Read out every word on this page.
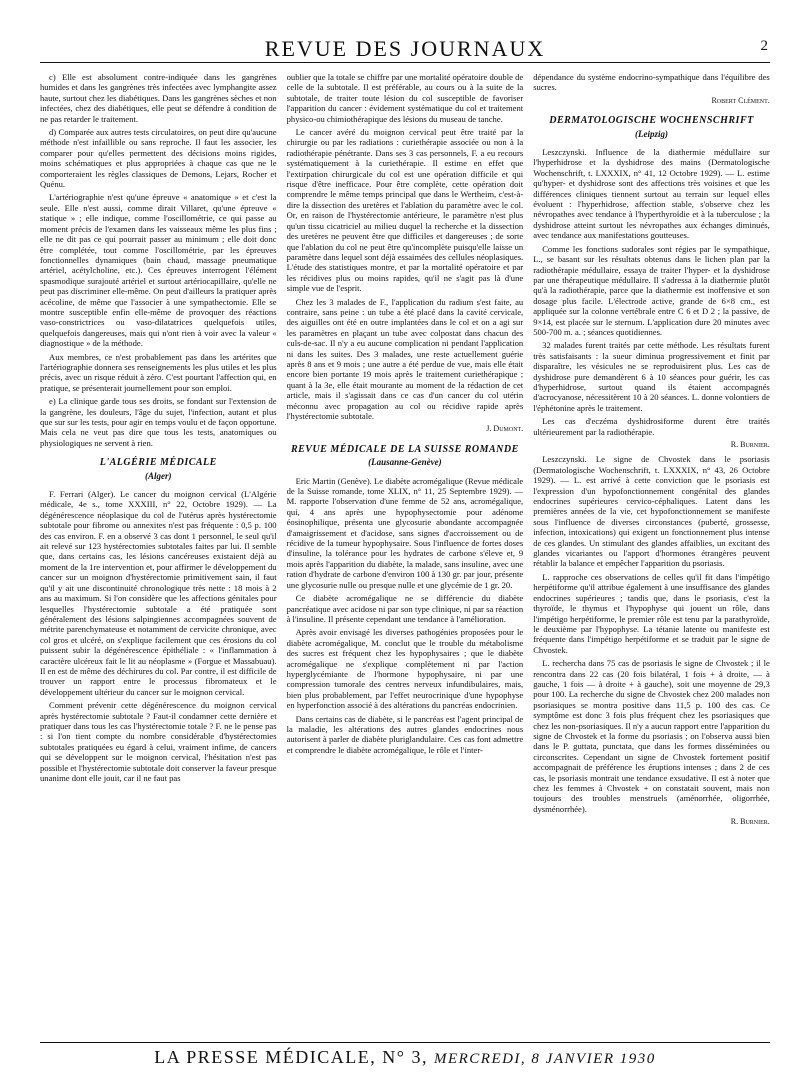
REVUE DES JOURNAUX	2

c) Elle est absolument contre-indiquée dans les gangrènes humides et dans les gangrènes très infectées avec lymphangite assez haute, surtout chez les diabétiques. Dans les gangrènes sèches et non infectées, chez des diabétiques, elle peut se défendre à condition de ne pas retarder le traitement.

d) Comparée aux autres tests circulatoires, on peut dire qu'aucune méthode n'est infaillible ou sans reproche. Il faut les associer, les comparer pour qu'elles permettent des décisions moins rigides, moins schématiques et plus appropriées à chaque cas que ne le comporteraient les règles classiques de Demons, Lejars, Rocher et Quénu.

L'artériographie n'est qu'une épreuve « anatomique » et c'est la seule. Elle n'est aussi, comme dirait Villaret, qu'une épreuve « statique » ; elle indique, comme l'oscillométrie, ce qui passe au moment précis de l'examen dans les vaisseaux même les plus fins ; elle ne dit pas ce qui pourrait passer au minimum ; elle doit donc être complétée, tout comme l'oscillométrie, par les épreuves fonctionnelles dynamiques (bain chaud, massage pneumatique artériel, acétylcholine, etc.). Ces épreuves interrogent l'élément spasmodique surajouté artériel et surtout artériocapillaire, qu'elle ne peut pas discriminer elle-même. On peut d'ailleurs la pratiquer après acécoline, de même que l'associer à une sympathectomie. Elle se montre susceptible enfin elle-même de provoquer des réactions vaso-constrictrices ou vaso-dilatatrices quelquefois utiles, quelquefois dangereuses, mais qui n'ont rien à voir avec la valeur « diagnostique » de la méthode.

Aux membres, ce n'est probablement pas dans les artérites que l'artériographie donnera ses renseignements les plus utiles et les plus précis, avec un risque réduit à zéro. C'est pourtant l'affection qui, en pratique, se présenterait journellement pour son emploi.

e) La clinique garde tous ses droits, se fondant sur l'extension de la gangrène, les douleurs, l'âge du sujet, l'infection, autant et plus que sur sur les tests, pour agir en temps voulu et de façon opportune. Mais cela ne veut pas dire que tous les tests, anatomiques ou physiologiques ne servent à rien.

L'ALGÉRIE MÉDICALE
(Alger)

F. Ferrari (Alger). Le cancer du moignon cervical (L'Algérie médicale, 4e s., tome XXXIII, n° 22, Octobre 1929). — La dégénérescence néoplasique du col de l'utérus après hystérectomie subtotale pour fibrome ou annexites n'est pas fréquente : 0,5 p. 100 des cas environ. F. en a observé 3 cas dont 1 personnel, le seul qu'il ait relevé sur 123 hystérectomies subtotales faites par lui. Il semble que, dans certains cas, les lésions cancéreuses existaient déjà au moment de la 1re intervention et, pour affirmer le développement du cancer sur un moignon d'hystérectomie primitivement sain, il faut qu'il y ait une discontinuité chronologique très nette : 18 mois à 2 ans au maximum. Si l'on considère que les affections génitales pour lesquelles l'hystérectomie subtotale a été pratiquée sont généralement des lésions salpingiennes accompagnées souvent de métrite parenchymateuse et notamment de cervicite chronique, avec col gros et ulcéré, on s'explique facilement que ces érosions du col puissent subir la dégénérescence épithéliale : « l'inflammation à caractère ulcéreux fait le lit au néoplasme » (Forgue et Massabuau). Il en est de même des déchirures du col. Par contre, il est difficile de trouver un rapport entre le processus fibromateux et le développement ultérieur du cancer sur le moignon cervical.

Comment prévenir cette dégénérescence du moignon cervical après hystérectomie subtotale ? Faut-il condamner cette dernière et pratiquer dans tous les cas l'hystérectomie totale ? F. ne le pense pas : si l'on tient compte du nombre considérable d'hystérectomies subtotales pratiquées eu égard à celui, vraiment infime, de cancers qui se développent sur le moignon cervical, l'hésitation n'est pas possible et l'hystérectomie subtotale doit conserver la faveur presque unanime dont elle jouit, car il ne faut pas

oublier que la totale se chiffre par une mortalité opératoire double de celle de la subtotale. Il est préférable, au cours ou à la suite de la subtotale, de traiter toute lésion du col susceptible de favoriser l'apparition du cancer : évidement systématique du col et traitement physico-ou chimiothérapique des lésions du museau de tanche.

Le cancer avéré du moignon cervical peut être traité par la chirurgie ou par les radiations : curiethérapie associée ou non à la radiothérapie pénétrante. Dans ses 3 cas personnels, F. a eu recours systématiquement à la curiethérapie. Il estime en effet que l'extirpation chirurgicale du col est une opération difficile et qui risque d'être inefficace. Pour être complète, cette opération doit comprendre le même temps principal que dans le Wertheim, c'est-à-dire la dissection des uretères et l'ablation du paramètre avec le col. Or, en raison de l'hystérectomie antérieure, le paramètre n'est plus qu'un tissu cicatriciel au milieu duquel la recherche et la dissection des uretères ne peuvent être que difficiles et dangereuses ; de sorte que l'ablation du col ne peut être qu'incomplète puisqu'elle laisse un paramètre dans lequel sont déjà essaimées des cellules néoplasiques. L'étude des statistiques montre, et par la mortalité opératoire et par les récidives plus ou moins rapides, qu'il ne s'agit pas là d'une simple vue de l'esprit.

Chez les 3 malades de F., l'application du radium s'est faite, au contraire, sans peine : un tube a été placé dans la cavité cervicale, des aiguilles ont été en outre implantées dans le col et on a agi sur les paramètres en plaçant un tube avec colpostat dans chacun des culs-de-sac. Il n'y a eu aucune complication ni pendant l'application ni dans les suites. Des 3 malades, une reste actuellement guérie après 8 ans et 9 mois ; une autre a été perdue de vue, mais elle était encore bien portante 19 mois après le traitement curiethérapique ; quant à la 3e, elle était mourante au moment de la rédaction de cet article, mais il s'agissait dans ce cas d'un cancer du col utérin méconnu avec propagation au col ou récidive rapide après l'hystérectomie subtotale.

J. Dumont.
REVUE MÉDICALE DE LA SUISSE ROMANDE
(Lausanne-Genève)

Eric Martin (Genève). Le diabète acromégalique (Revue médicale de la Suisse romande, tome XLIX, n° 11, 25 Septembre 1929). — M. rapporte l'observation d'une femme de 52 ans, acromégalique, qui, 4 ans après une hypophysectomie pour adénome éosinophilique, présenta une glycosurie abondante accompagnée d'amaigrissement et d'acidose, sans signes d'accroissement ou de récidive de la tumeur hypophysaire. Sous l'influence de fortes doses d'insuline, la tolérance pour les hydrates de carbone s'éleve et, 9 mois après l'apparition du diabète, la malade, sans insuline, avec une ration d'hydrate de carbone d'environ 100 à 130 gr. par jour, présente une glycosurie nulle ou presque nulle et une glycémie de 1 gr. 20.

Ce diabète acromégalique ne se différencie du diabète pancréatique avec acidose ni par son type clinique, ni par sa réaction à l'insuline. Il présente cependant une tendance à l'amélioration.

Après avoir envisagé les diverses pathogénies proposées pour le diabète acromégalique, M. conclut que le trouble du métabolisme des sucres est fréquent chez les hypophysaires ; que le diabète acromégalique ne s'explique complètement ni par l'action hyperglycémiante de l'hormone hypophysaire, ni par une compression tumorale des centres nerveux infundibulaires, mais, bien plus probablement, par l'effet neurocrinique d'une hypophyse en hyperfonction associé à des altérations du pancréas endocrinien.

Dans certains cas de diabète, si le pancréas est l'agent principal de la maladie, les altérations des autres glandes endocrines nous autorisent à parler de diabète pluriglandulaire. Ces cas font admettre et comprendre le diabète acromégalique, le rôle et l'inter-

dépendance du système endocrino-sympathique dans l'équilibre des sucres.

Robert Clément.
DERMATOLOGISCHE WOCHENSCHRIFT
(Leipzig)

Leszczynski. Influence de la diathermie médullaire sur l'hyperhidrose et la dyshidrose des mains (Dermatologische Wochenschrift, t. LXXXIX, n° 41, 12 Octobre 1929). — L. estime qu'hyper- et dyshidrose sont des affections très voisines et que les différences cliniques tiennent surtout au terrain sur lequel elles évoluent : l'hyperhidrose, affection stable, s'observe chez les névropathes avec tendance à l'hyperthyroïdie et à la tuberculose ; la dyshidrose atteint surtout les névropathes aux échanges diminués, avec tendance aux manifestations goutteuses.

Comme les fonctions sudorales sont régies par le sympathique, L., se basant sur les résultats obtenus dans le lichen plan par la radiothérapie médullaire, essaya de traiter l'hyper- et la dyshidrose par une thérapeutique médullaire. Il s'adressa à la diathermie plutôt qu'à la radiothérapie, parce que la diathermie est inoffensive et son dosage plus facile. L'électrode active, grande de 6×8 cm., est appliquée sur la colonne vertébrale entre C 6 et D 2 ; la passive, de 9×14, est placée sur le sternum. L'application dure 20 minutes avec 500-700 m. a. ; séances quotidiennes.

32 malades furent traités par cette méthode. Les résultats furent très satisfaisants : la sueur diminua progressivement et finit par disparaître, les vésicules ne se reproduisirent plus. Les cas de dyshidrose pure demandèrent 6 à 10 séances pour guérir, les cas d'hyperhidrose, surtout quand ils étaient accompagnés d'acrocyanose, nécessitèrent 10 à 20 séances. L. donne volontiers de l'éphétonine après le traitement.

Les cas d'eczéma dyshidrosiforme durent être traités ultérieurement par la radiothérapie.

R. Burnier.

Leszczynski. Le signe de Chvostek dans le psoriasis (Dermatologische Wochenschrift, t. LXXXIX, n° 43, 26 Octobre 1929). — L. est arrivé à cette conviction que le psoriasis est l'expression d'un hypofonctionnement congénital des glandes endocrines supérieures cervico-céphaliques. Latent dans les premières années de la vie, cet hypofonctionnement se manifeste sous l'influence de diverses circonstances (puberté, grossesse, infection, intoxications) qui exigent un fonctionnement plus intense de ces glandes. Un stimulant des glandes affaiblies, un excitant des glandes vicariantes ou l'apport d'hormones étrangères peuvent rétablir la balance et empêcher l'apparition du psoriasis.

L. rapproche ces observations de celles qu'il fit dans l'impétigo herpétiforme qu'il attribue également à une insuffisance des glandes endocrines supérieures ; tandis que, dans le psoriasis, c'est la thyroïde, le thymus et l'hypophyse qui jouent un rôle, dans l'impétigo herpétiforme, le premier rôle est tenu par la parathyroïde, le deuxième par l'hypophyse. La tétanie latente ou manifeste est fréquente dans l'impétigo herpétiforme et se traduit par le signe de Chvostek.

L. rechercha dans 75 cas de psoriasis le signe de Chvostek ; il le rencontra dans 22 cas (20 fois bilatéral, 1 fois + à droite, — à gauche, 1 fois — à droite + à gauche), soit une moyenne de 29,3 pour 100. La recherche du signe de Chvostek chez 200 malades non psoriasiques se montra positive dans 11,5 p. 100 des cas. Ce symptôme est donc 3 fois plus fréquent chez les psoriasiques que chez les non-psoriasiques. Il n'y a aucun rapport entre l'apparition du signe de Chvostek et la forme du psoriasis ; on l'observa aussi bien dans le P. guttata, punctata, que dans les formes disséminées ou circonscrites. Cependant un signe de Chvostek fortement positif accompagnait de préférence les éruptions intenses ; dans 2 de ces cas, le psoriasis montrait une tendance exsudative. Il est à noter que chez les femmes à Chvostek + on constatait souvent, mais non toujours des troubles menstruels (aménorrhée, oligorrhée, dysménorrhée).

R. Burnier.
LA PRESSE MÉDICALE, N° 3, MERCREDI, 8 JANVIER 1930
